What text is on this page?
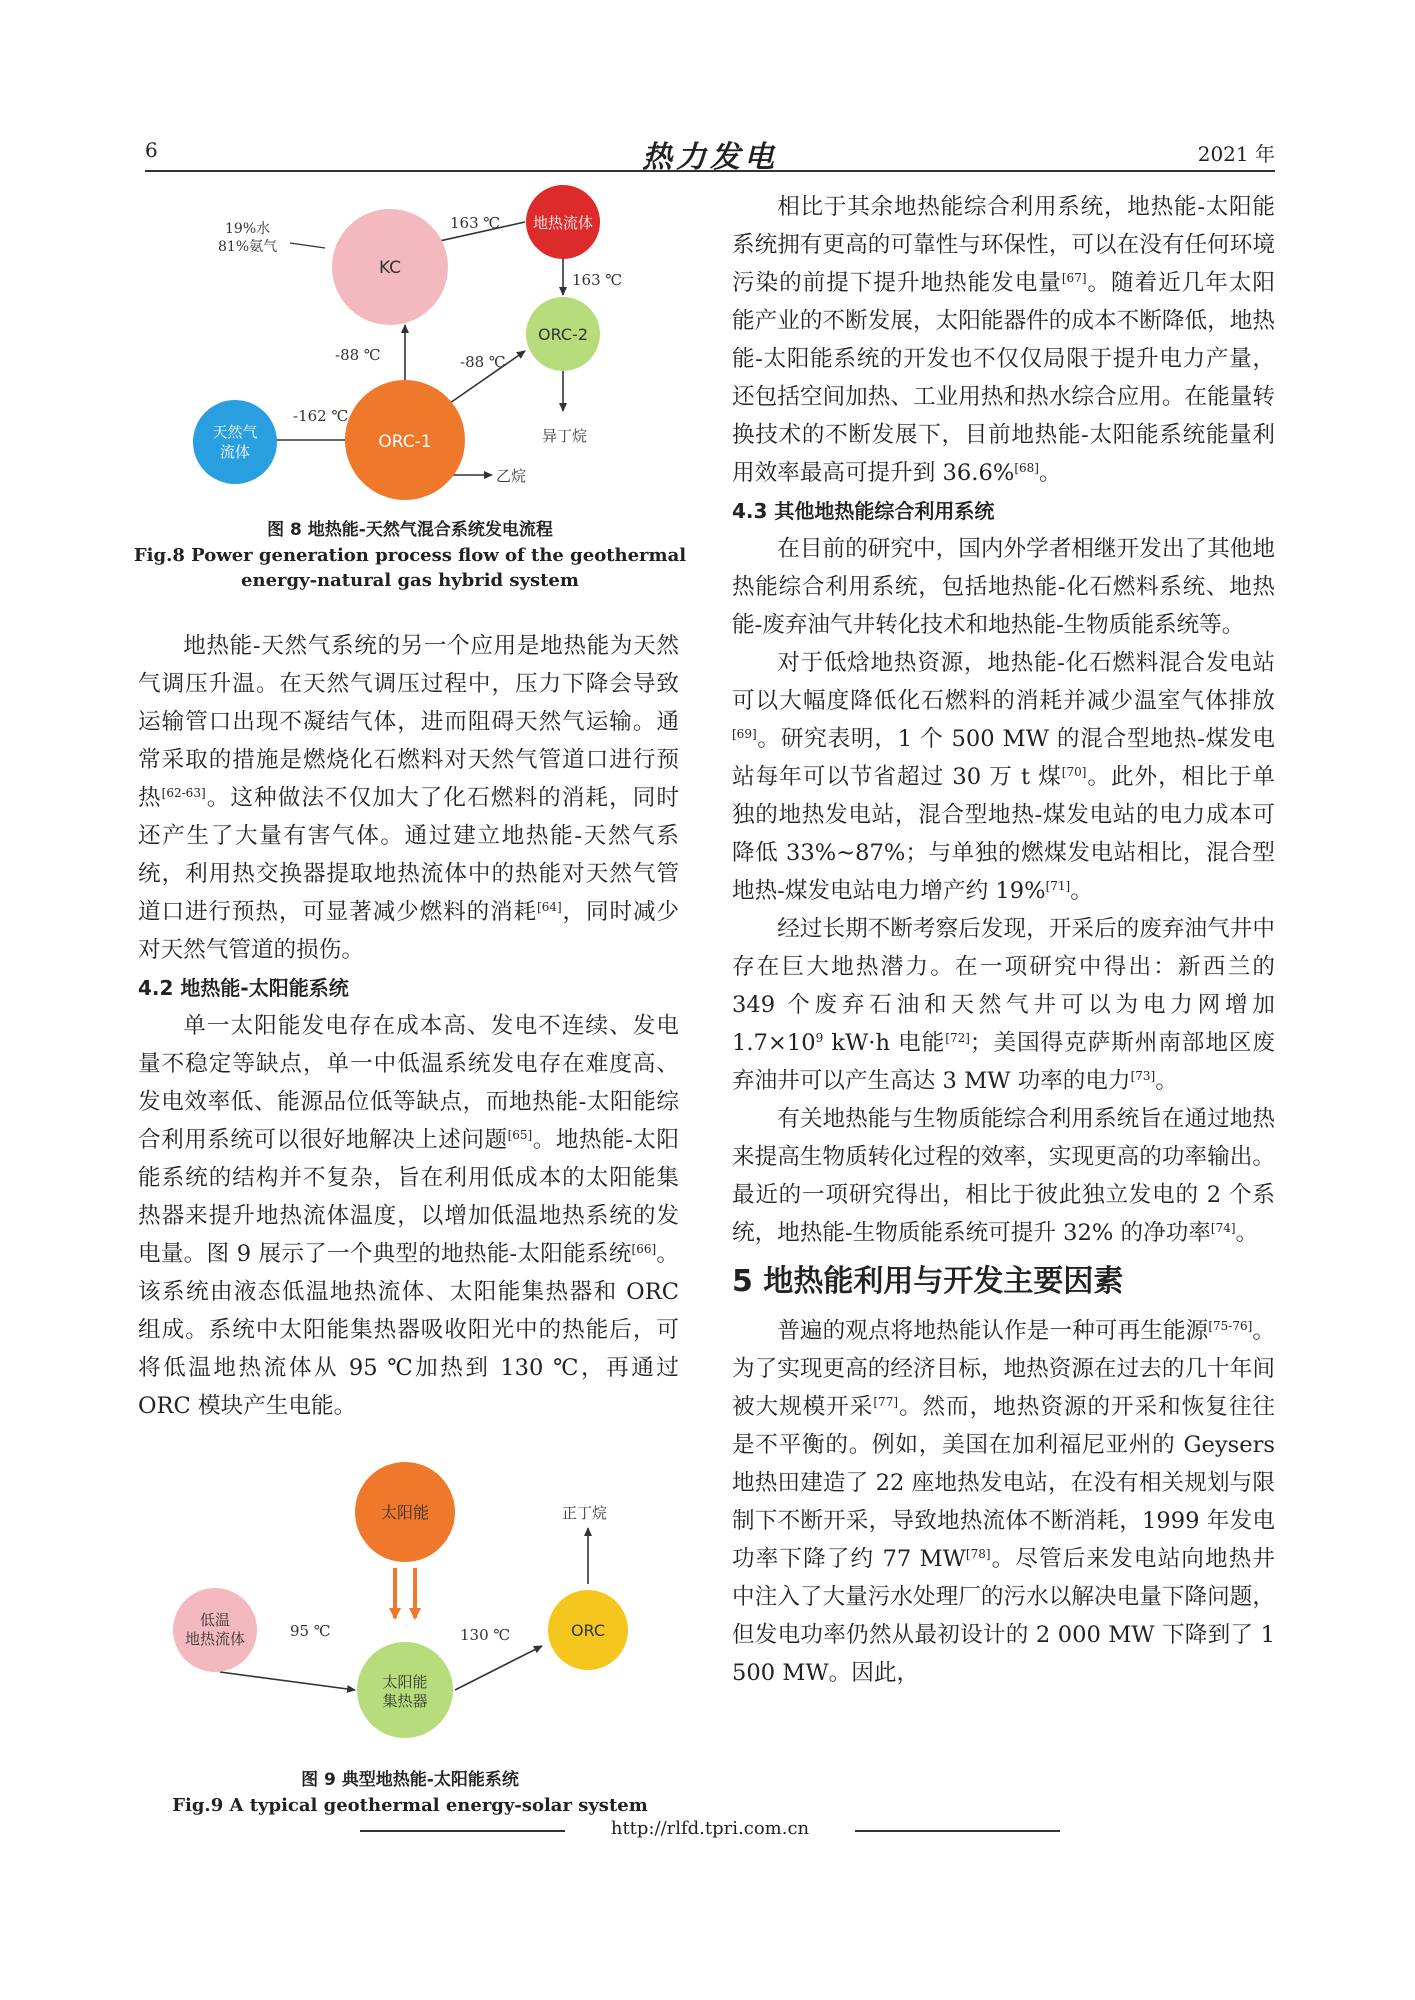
6	热力发电	2021 年
KC
地热流体
ORC-2
天然气
流体	ORC-1
163 ℃
163 ℃
-88 ℃	-88 ℃
-162 ℃
19%水
81%氨气
异丁烷
乙烷
图 8 地热能-天然气混合系统发电流程
Fig.8 Power generation process flow of the geothermal
energy-natural gas hybrid system

地热能-天然气系统的另一个应用是地热能为天然气调压升温。在天然气调压过程中，压力下降会导致运输管口出现不凝结气体，进而阻碍天然气运输。通常采取的措施是燃烧化石燃料对天然气管道口进行预热[62-63]。这种做法不仅加大了化石燃料的消耗，同时还产生了大量有害气体。通过建立地热能-天然气系统，利用热交换器提取地热流体中的热能对天然气管道口进行预热，可显著减少燃料的消耗[64]，同时减少对天然气管道的损伤。

4.2 地热能-太阳能系统

单一太阳能发电存在成本高、发电不连续、发电量不稳定等缺点，单一中低温系统发电存在难度高、发电效率低、能源品位低等缺点，而地热能-太阳能综合利用系统可以很好地解决上述问题[65]。地热能-太阳能系统的结构并不复杂，旨在利用低成本的太阳能集热器来提升地热流体温度，以增加低温地热系统的发电量。图 9 展示了一个典型的地热能-太阳能系统[66]。该系统由液态低温地热流体、太阳能集热器和 ORC 组成。系统中太阳能集热器吸收阳光中的热能后，可将低温地热流体从 95 ℃加热到 130 ℃，再通过 ORC 模块产生电能。

太阳能
低温
地热流体
太阳能
集热器
ORC
95 ℃	130 ℃
正丁烷
图 9 典型地热能-太阳能系统
Fig.9 A typical geothermal energy-solar system

相比于其余地热能综合利用系统，地热能-太阳能系统拥有更高的可靠性与环保性，可以在没有任何环境污染的前提下提升地热能发电量[67]。随着近几年太阳能产业的不断发展，太阳能器件的成本不断降低，地热能-太阳能系统的开发也不仅仅局限于提升电力产量，还包括空间加热、工业用热和热水综合应用。在能量转换技术的不断发展下，目前地热能-太阳能系统能量利用效率最高可提升到 36.6%[68]。

4.3 其他地热能综合利用系统

在目前的研究中，国内外学者相继开发出了其他地热能综合利用系统，包括地热能-化石燃料系统、地热能-废弃油气井转化技术和地热能-生物质能系统等。

对于低焓地热资源，地热能-化石燃料混合发电站可以大幅度降低化石燃料的消耗并减少温室气体排放[69]。研究表明，1 个 500 MW 的混合型地热-煤发电站每年可以节省超过 30 万 t 煤[70]。此外，相比于单独的地热发电站，混合型地热-煤发电站的电力成本可降低 33%~87%；与单独的燃煤发电站相比，混合型地热-煤发电站电力增产约 19%[71]。

经过长期不断考察后发现，开采后的废弃油气井中存在巨大地热潜力。在一项研究中得出：新西兰的 349 个废弃石油和天然气井可以为电力网增加 $1.7\times 10^9$ kW·h 电能[72]；美国得克萨斯州南部地区废弃油井可以产生高达 3 MW 功率的电力[73]。

有关地热能与生物质能综合利用系统旨在通过地热来提高生物质转化过程的效率，实现更高的功率输出。最近的一项研究得出，相比于彼此独立发电的 2 个系统，地热能-生物质能系统可提升 32% 的净功率[74]。

5 地热能利用与开发主要因素

普遍的观点将地热能认作是一种可再生能源[75-76]。为了实现更高的经济目标，地热资源在过去的几十年间被大规模开采[77]。然而，地热资源的开采和恢复往往是不平衡的。例如，美国在加利福尼亚州的 Geysers 地热田建造了 22 座地热发电站，在没有相关规划与限制下不断开采，导致地热流体不断消耗，1999 年发电功率下降了约 77 MW[78]。尽管后来发电站向地热井中注入了大量污水处理厂的污水以解决电量下降问题，但发电功率仍然从最初设计的 2 000 MW 下降到了 1 500 MW。因此，

http://rlfd.tpri.com.cn
